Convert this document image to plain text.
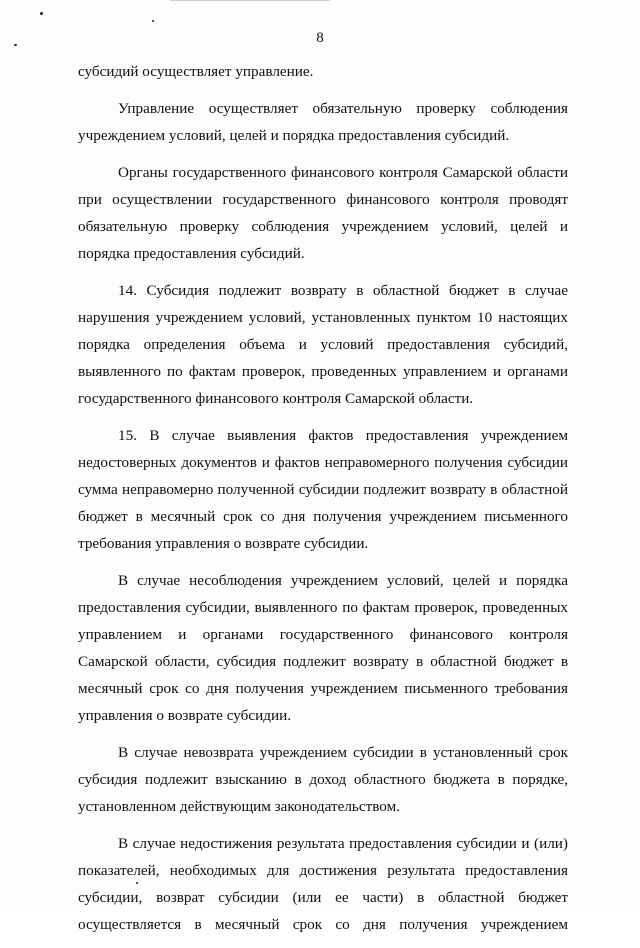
8

субсидий осуществляет управление.

Управление осуществляет обязательную проверку соблюдения учреждением условий, целей и порядка предоставления субсидий.

Органы государственного финансового контроля Самарской области при осуществлении государственного финансового контроля проводят обязательную проверку соблюдения учреждением условий, целей и порядка предоставления субсидий.

14. Субсидия подлежит возврату в областной бюджет в случае нарушения учреждением условий, установленных пунктом 10 настоящих порядка определения объема и условий предоставления субсидий, выявленного по фактам проверок, проведенных управлением и органами государственного финансового контроля Самарской области.

15. В случае выявления фактов предоставления учреждением недостоверных документов и фактов неправомерного получения субсидии сумма неправомерно полученной субсидии подлежит возврату в областной бюджет в месячный срок со дня получения учреждением письменного требования управления о возврате субсидии.

В случае несоблюдения учреждением условий, целей и порядка предоставления субсидии, выявленного по фактам проверок, проведенных управлением и органами государственного финансового контроля Самарской области, субсидия подлежит возврату в областной бюджет в месячный срок со дня получения учреждением письменного требования управления о возврате субсидии.

В случае невозврата учреждением субсидии в установленный срок субсидия подлежит взысканию в доход областного бюджета в порядке, установленном действующим законодательством.

В случае недостижения результата предоставления субсидии и (или) показателей, необходимых для достижения результата предоставления субсидии, возврат субсидии (или ее части) в областной бюджет осуществляется в месячный срок со дня получения учреждением
